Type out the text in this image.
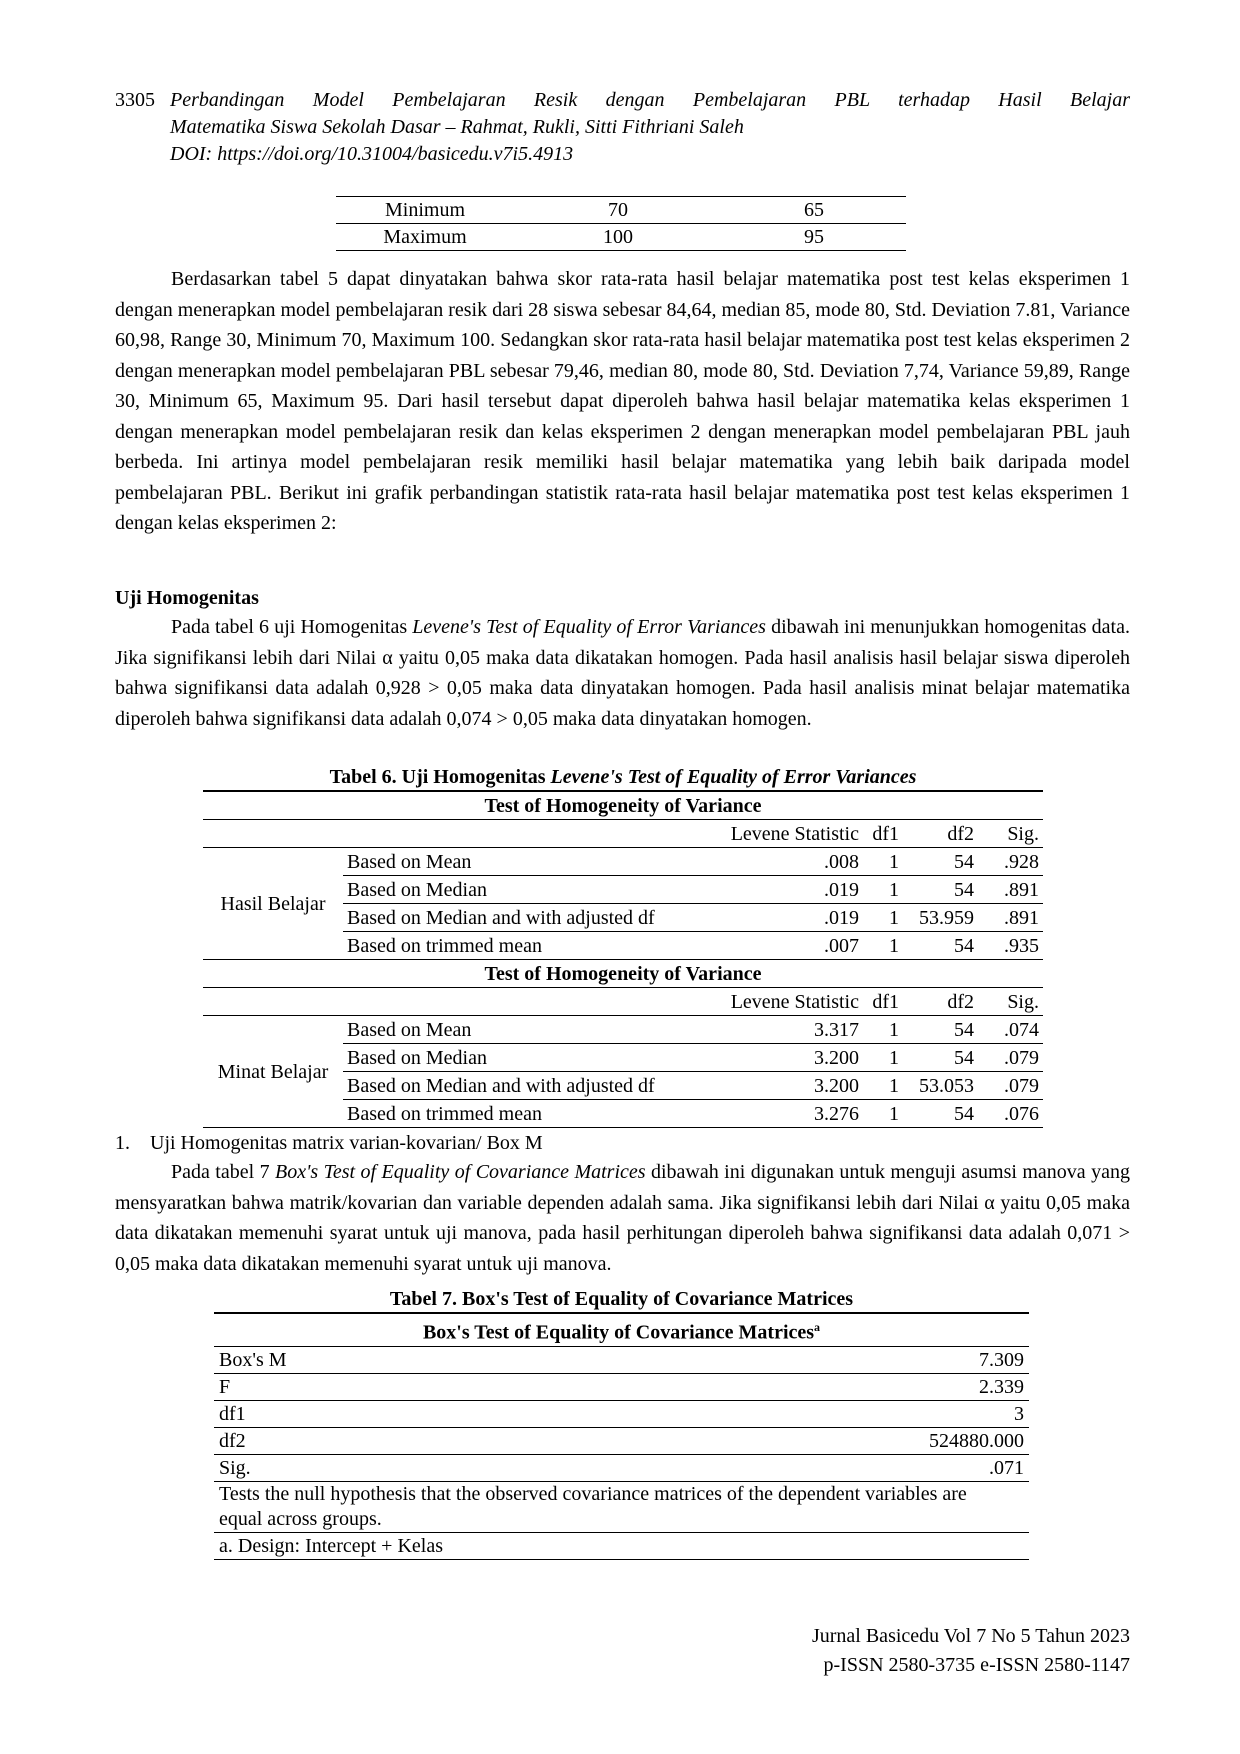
3305 Perbandingan Model Pembelajaran Resik dengan Pembelajaran PBL terhadap Hasil Belajar
Matematika Siswa Sekolah Dasar – Rahmat, Rukli, Sitti Fithriani Saleh
DOI: https://doi.org/10.31004/basicedu.v7i5.4913
Minimum	70	65
Maximum	100	95

Berdasarkan tabel 5 dapat dinyatakan bahwa skor rata-rata hasil belajar matematika post test kelas eksperimen 1 dengan menerapkan model pembelajaran resik dari 28 siswa sebesar 84,64, median 85, mode 80, Std. Deviation 7.81, Variance 60,98, Range 30, Minimum 70, Maximum 100. Sedangkan skor rata-rata hasil belajar matematika post test kelas eksperimen 2 dengan menerapkan model pembelajaran PBL sebesar 79,46, median 80, mode 80, Std. Deviation 7,74, Variance 59,89, Range 30, Minimum 65, Maximum 95. Dari hasil tersebut dapat diperoleh bahwa hasil belajar matematika kelas eksperimen 1 dengan menerapkan model pembelajaran resik dan kelas eksperimen 2 dengan menerapkan model pembelajaran PBL jauh berbeda. Ini artinya model pembelajaran resik memiliki hasil belajar matematika yang lebih baik daripada model pembelajaran PBL. Berikut ini grafik perbandingan statistik rata-rata hasil belajar matematika post test kelas eksperimen 1 dengan kelas eksperimen 2:

Uji Homogenitas

Pada tabel 6 uji Homogenitas Levene's Test of Equality of Error Variances dibawah ini menunjukkan homogenitas data. Jika signifikansi lebih dari Nilai α yaitu 0,05 maka data dikatakan homogen. Pada hasil analisis hasil belajar siswa diperoleh bahwa signifikansi data adalah 0,928 > 0,05 maka data dinyatakan homogen. Pada hasil analisis minat belajar matematika diperoleh bahwa signifikansi data adalah 0,074 > 0,05 maka data dinyatakan homogen.

Tabel 6. Uji Homogenitas Levene's Test of Equality of Error Variances
Test of Homogeneity of Variance					
		Levene Statistic	df1	df2	Sig.
Hasil Belajar	Based on Mean	.008	1	54	.928
	Based on Median	.019	1	54	.891
	Based on Median and with adjusted df	.019	1	53.959	.891
	Based on trimmed mean	.007	1	54	.935
Test of Homogeneity of Variance					
		Levene Statistic	df1	df2	Sig.
Minat Belajar	Based on Mean	3.317	1	54	.074
	Based on Median	3.200	1	54	.079
	Based on Median and with adjusted df	3.200	1	53.053	.079
	Based on trimmed mean	3.276	1	54	.076
1.    Uji Homogenitas matrix varian-kovarian/ Box M

Pada tabel 7 Box's Test of Equality of Covariance Matrices dibawah ini digunakan untuk menguji asumsi manova yang mensyaratkan bahwa matrik/kovarian dan variable dependen adalah sama. Jika signifikansi lebih dari Nilai α yaitu 0,05 maka data dikatakan memenuhi syarat untuk uji manova, pada hasil perhitungan diperoleh bahwa signifikansi data adalah 0,071 > 0,05 maka data dikatakan memenuhi syarat untuk uji manova.

Tabel 7. Box's Test of Equality of Covariance Matrices
Box's Test of Equality of Covariance Matrices$^a$
Box's M	7.309
F	2.339
df1	3
df2	524880.000
Sig.	.071
Tests the null hypothesis that the observed covariance matrices of the dependent variables are equal across groups.	
a. Design: Intercept + Kelas	
Jurnal Basicedu Vol 7 No 5 Tahun 2023
p-ISSN 2580-3735 e-ISSN 2580-1147
